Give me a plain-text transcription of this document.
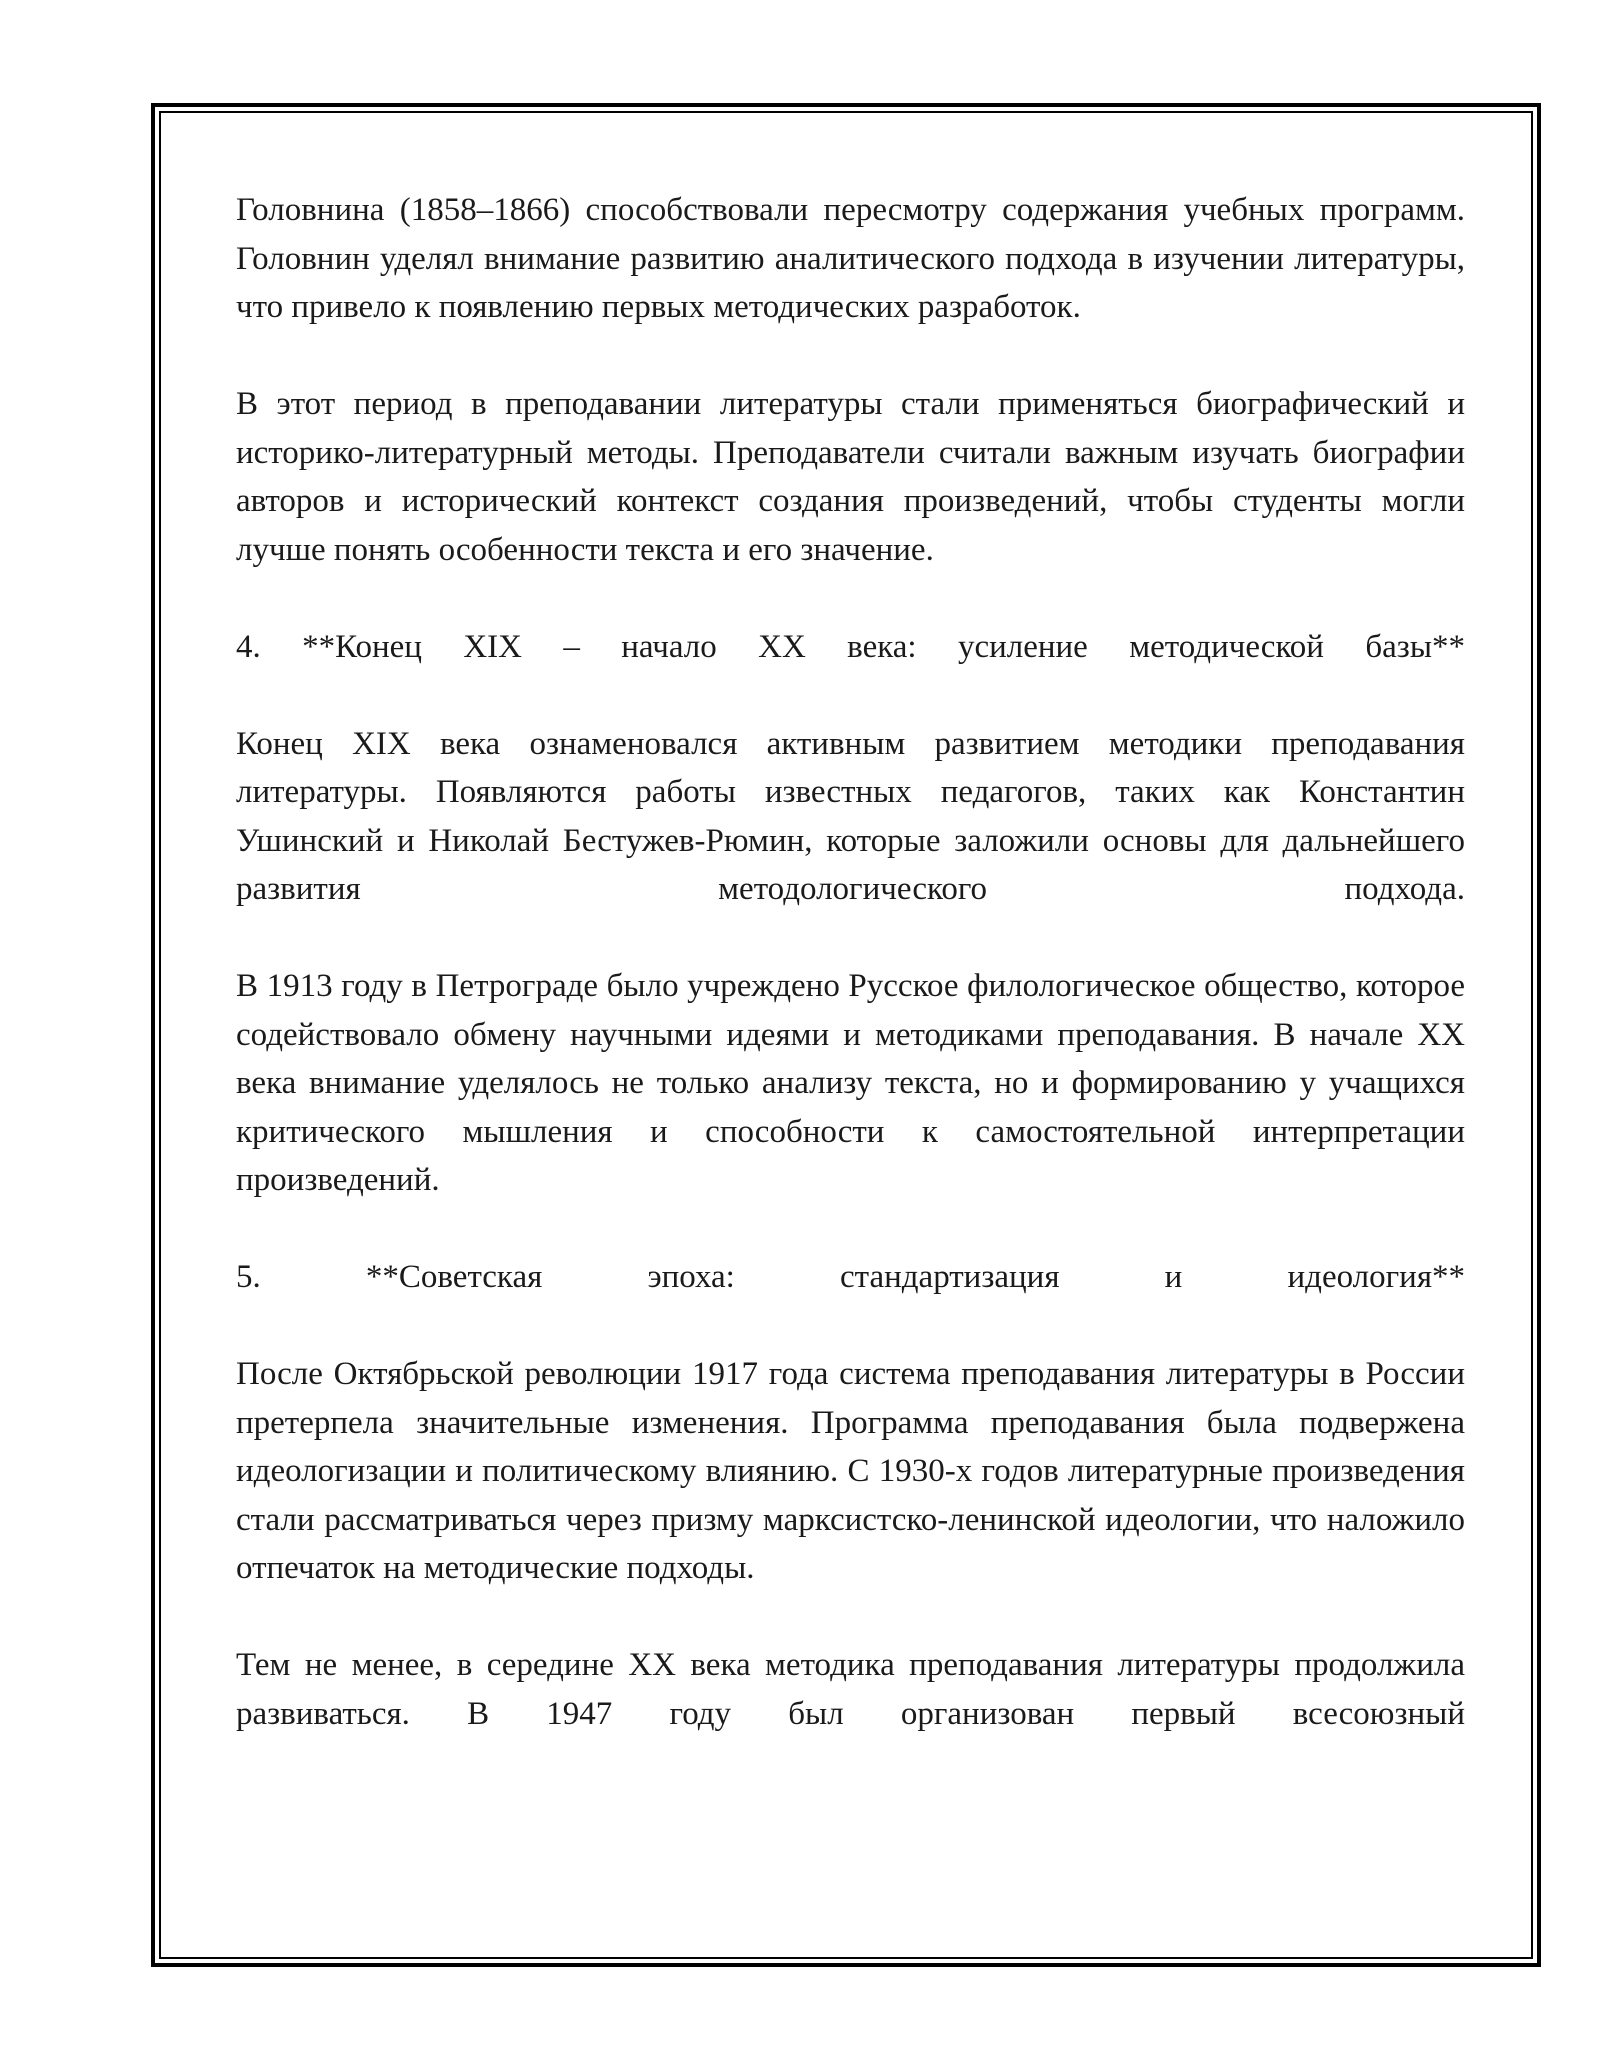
Головнина (1858–1866) способствовали пересмотру содержания учебных программ. Головнин уделял внимание развитию аналитического подхода в изучении литературы, что привело к появлению первых методических разработок.

В этот период в преподавании литературы стали применяться биографический и историко-литературный методы. Преподаватели считали важным изучать биографии авторов и исторический контекст создания произведений, чтобы студенты могли лучше понять особенности текста и его значение.

4. **Конец XIX – начало XX века: усиление методической базы**

Конец XIX века ознаменовался активным развитием методики преподавания литературы. Появляются работы известных педагогов, таких как Константин Ушинский и Николай Бестужев-Рюмин, которые заложили основы для дальнейшего развития методологического подхода.

В 1913 году в Петрограде было учреждено Русское филологическое общество, которое содействовало обмену научными идеями и методиками преподавания. В начале XX века внимание уделялось не только анализу текста, но и формированию у учащихся критического мышления и способности к самостоятельной интерпретации произведений.

5. **Советская эпоха: стандартизация и идеология**

После Октябрьской революции 1917 года система преподавания литературы в России претерпела значительные изменения. Программа преподавания была подвержена идеологизации и политическому влиянию. С 1930-х годов литературные произведения стали рассматриваться через призму марксистско-ленинской идеологии, что наложило отпечаток на методические подходы.

Тем не менее, в середине XX века методика преподавания литературы продолжила развиваться. В 1947 году был организован первый всесоюзный
